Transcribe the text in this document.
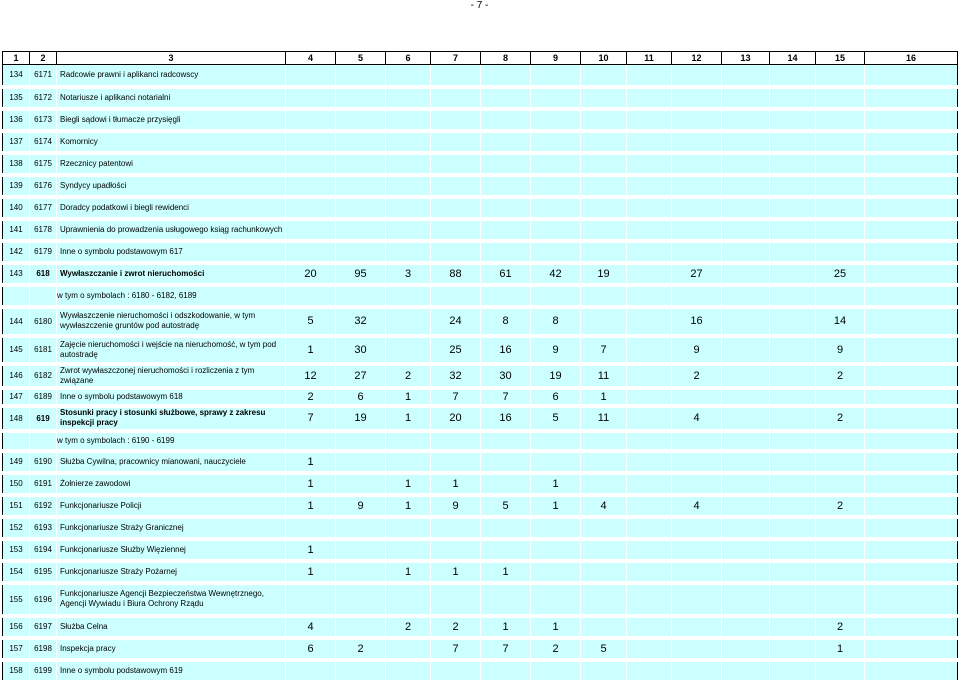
- 7 -
1	2	3	4	5	6	7	8	9	10	11	12	13	14	15	16	
134	6171	Radcowie prawni i aplikanci radcowscy														
135	6172	Notariusze i aplikanci notarialni														
136	6173	Biegli sądowi i tłumacze przysięgli														
137	6174	Komornicy														
138	6175	Rzecznicy patentowi														
139	6176	Syndycy upadłości														
140	6177	Doradcy podatkowi i biegli rewidenci														
141	6178	Uprawnienia do prowadzenia usługowego ksiąg rachunkowych														
142	6179	Inne o symbolu podstawowym 617														
143	618	Wywłaszczanie i zwrot nieruchomości	20	95	3	88	61	42	19		27			25		
		w tym o symbolach : 6180 - 6182, 6189														
144	6180	Wywłaszczenie nieruchomości i odszkodowanie, w tym wywłaszczenie gruntów pod autostradę	5	32		24	8	8			16			14		
145	6181	Zajęcie nieruchomości i wejście na nieruchomość, w tym pod autostradę	1	30		25	16	9	7		9			9		
146	6182	Zwrot wywłaszczonej nieruchomości i rozliczenia z tym związane	12	27	2	32	30	19	11		2			2		
147	6189	Inne o symbolu podstawowym 618	2	6	1	7	7	6	1							
148	619	Stosunki pracy i stosunki służbowe, sprawy z zakresu inspekcji pracy	7	19	1	20	16	5	11		4			2		
		w tym o symbolach : 6190 - 6199														
149	6190	Służba Cywilna, pracownicy mianowani, nauczyciele	1													
150	6191	Żołnierze zawodowi	1		1	1		1								
151	6192	Funkcjonariusze Policji	1	9	1	9	5	1	4		4			2		
152	6193	Funkcjonariusze Straży Granicznej														
153	6194	Funkcjonariusze Służby Więziennej	1													
154	6195	Funkcjonariusze Straży Pożarnej	1		1	1	1									
155	6196	Funkcjonariusze Agencji Bezpieczeństwa Wewnętrznego, Agencji Wywiadu i Biura Ochrony Rządu														
156	6197	Służba Celna	4		2	2	1	1						2		
157	6198	Inspekcja pracy	6	2		7	7	2	5					1		
158	6199	Inne o symbolu podstawowym 619														
